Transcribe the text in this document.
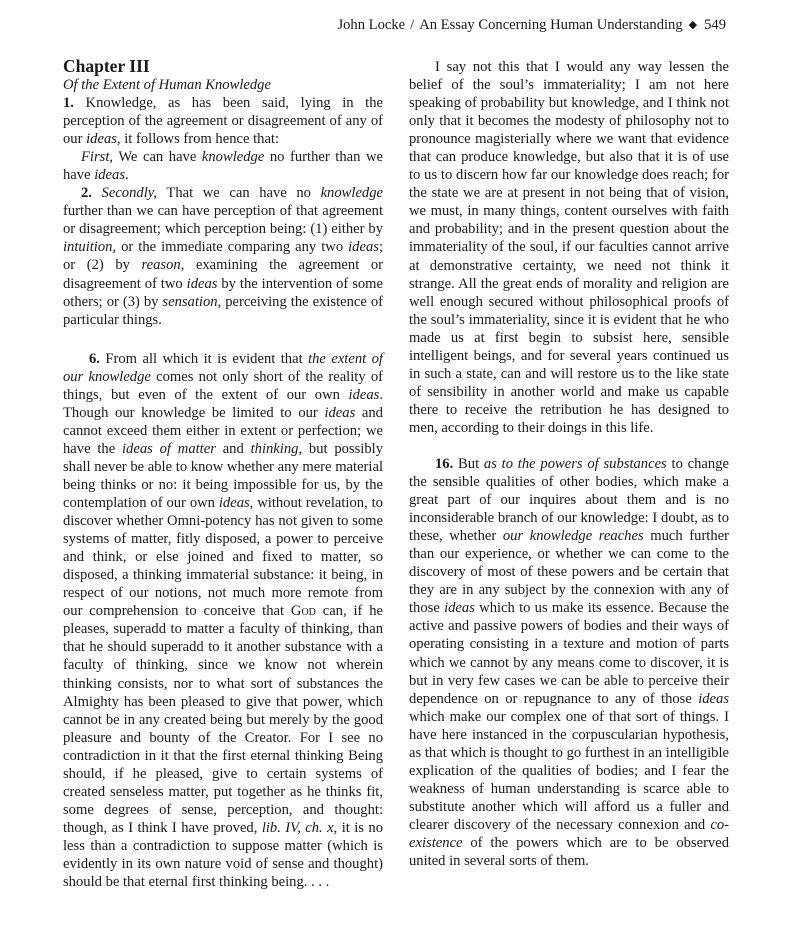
John Locke / An Essay Concerning Human Understanding ◆ 549

Chapter III

Of the Extent of Human Knowledge

1. Knowledge, as has been said, lying in the perception of the agreement or disagreement of any of our ideas, it follows from hence that:

First, We can have knowledge no further than we have ideas.

2. Secondly, That we can have no knowledge further than we can have perception of that agreement or disagreement; which perception being: (1) either by intuition, or the immediate comparing any two ideas; or (2) by reason, examining the agreement or disagreement of two ideas by the intervention of some others; or (3) by sensation, perceiving the existence of particular things.

6. From all which it is evident that the extent of our knowledge comes not only short of the reality of things, but even of the extent of our own ideas. Though our knowledge be limited to our ideas and cannot exceed them either in extent or perfection; we have the ideas of matter and thinking, but possibly shall never be able to know whether any mere material being thinks or no: it being impossible for us, by the contemplation of our own ideas, without revelation, to discover whether Omni-potency has not given to some systems of matter, fitly disposed, a power to perceive and think, or else joined and fixed to matter, so disposed, a thinking immaterial substance: it being, in respect of our notions, not much more remote from our comprehension to conceive that God can, if he pleases, superadd to matter a faculty of thinking, than that he should superadd to it another substance with a faculty of thinking, since we know not wherein thinking consists, nor to what sort of substances the Almighty has been pleased to give that power, which cannot be in any created being but merely by the good pleasure and bounty of the Creator. For I see no contradiction in it that the first eternal thinking Being should, if he pleased, give to certain systems of created senseless matter, put together as he thinks fit, some degrees of sense, perception, and thought: though, as I think I have proved, lib. IV, ch. x, it is no less than a contradiction to suppose matter (which is evidently in its own nature void of sense and thought) should be that eternal first thinking being. . . .

I say not this that I would any way lessen the belief of the soul’s immateriality; I am not here speaking of probability but knowledge, and I think not only that it becomes the modesty of philosophy not to pronounce magisterially where we want that evidence that can produce knowledge, but also that it is of use to us to discern how far our knowledge does reach; for the state we are at present in not being that of vision, we must, in many things, content ourselves with faith and probability; and in the present question about the immateriality of the soul, if our faculties cannot arrive at demonstrative certainty, we need not think it strange. All the great ends of morality and religion are well enough secured without philosophical proofs of the soul’s immateriality, since it is evident that he who made us at first begin to subsist here, sensible intelligent beings, and for several years continued us in such a state, can and will restore us to the like state of sensibility in another world and make us capable there to receive the retribution he has designed to men, according to their doings in this life.

16. But as to the powers of substances to change the sensible qualities of other bodies, which make a great part of our inquires about them and is no inconsiderable branch of our knowledge: I doubt, as to these, whether our knowledge reaches much further than our experience, or whether we can come to the discovery of most of these powers and be certain that they are in any subject by the connexion with any of those ideas which to us make its essence. Because the active and passive powers of bodies and their ways of operating consisting in a texture and motion of parts which we cannot by any means come to discover, it is but in very few cases we can be able to perceive their dependence on or repugnance to any of those ideas which make our complex one of that sort of things. I have here instanced in the corpuscularian hypothesis, as that which is thought to go furthest in an intelligible explication of the qualities of bodies; and I fear the weakness of human understanding is scarce able to substitute another which will afford us a fuller and clearer discovery of the necessary connexion and co-existence of the powers which are to be observed united in several sorts of them.
